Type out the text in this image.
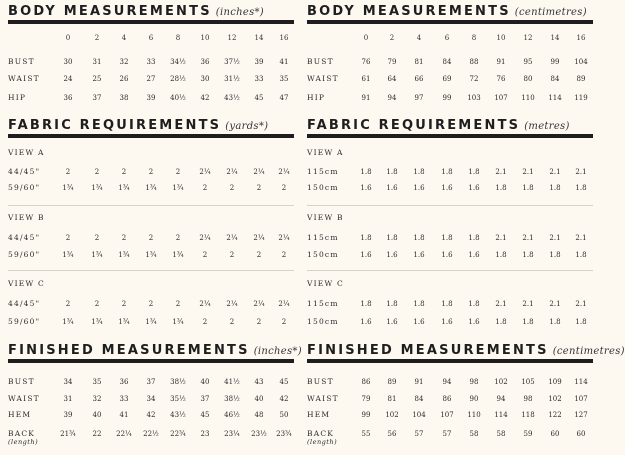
BODY MEASUREMENTS (inches*)
0	2	4	6	8	10	12	14	16
BUST	30	31	32	33	34½	36	37½	39	41
WAIST	24	25	26	27	28½	30	31½	33	35
HIP	36	37	38	39	40½	42	43½	45	47
FABRIC REQUIREMENTS (yards*)
VIEW A
44/45"	2	2	2	2	2	2¼	2¼	2¼	2¼
59/60"	1¾	1¾	1¾	1¾	1¾	2	2	2	2
VIEW B
44/45"	2	2	2	2	2	2¼	2¼	2¼	2¼
59/60"	1¾	1¾	1¾	1¾	1¾	2	2	2	2
VIEW C
44/45"	2	2	2	2	2	2¼	2¼	2¼	2¼
59/60"	1¾	1¾	1¾	1¾	1¾	2	2	2	2
FINISHED MEASUREMENTS (inches*)
BUST	34	35	36	37	38½	40	41½	43	45
WAIST	31	32	33	34	35½	37	38½	40	42
HEM	39	40	41	42	43½	45	46½	48	50
BACK
(length)
21¾	22	22¼	22½	22¾	23	23¼	23½	23¾
BODY MEASUREMENTS (centimetres)
0	2	4	6	8	10	12	14	16
BUST	76	79	81	84	88	91	95	99	104
WAIST	61	64	66	69	72	76	80	84	89
HIP	91	94	97	99	103	107	110	114	119
FABRIC REQUIREMENTS (metres)
VIEW A
115cm	1.8	1.8	1.8	1.8	1.8	2.1	2.1	2.1	2.1
150cm	1.6	1.6	1.6	1.6	1.6	1.8	1.8	1.8	1.8
VIEW B
115cm	1.8	1.8	1.8	1.8	1.8	2.1	2.1	2.1	2.1
150cm	1.6	1.6	1.6	1.6	1.6	1.8	1.8	1.8	1.8
VIEW C
115cm	1.8	1.8	1.8	1.8	1.8	2.1	2.1	2.1	2.1
150cm	1.6	1.6	1.6	1.6	1.6	1.8	1.8	1.8	1.8
FINISHED MEASUREMENTS (centimetres)
BUST	86	89	91	94	98	102	105	109	114
WAIST	79	81	84	86	90	94	98	102	107
HEM	99	102	104	107	110	114	118	122	127
BACK
(length)
55	56	57	57	58	58	59	60	60
